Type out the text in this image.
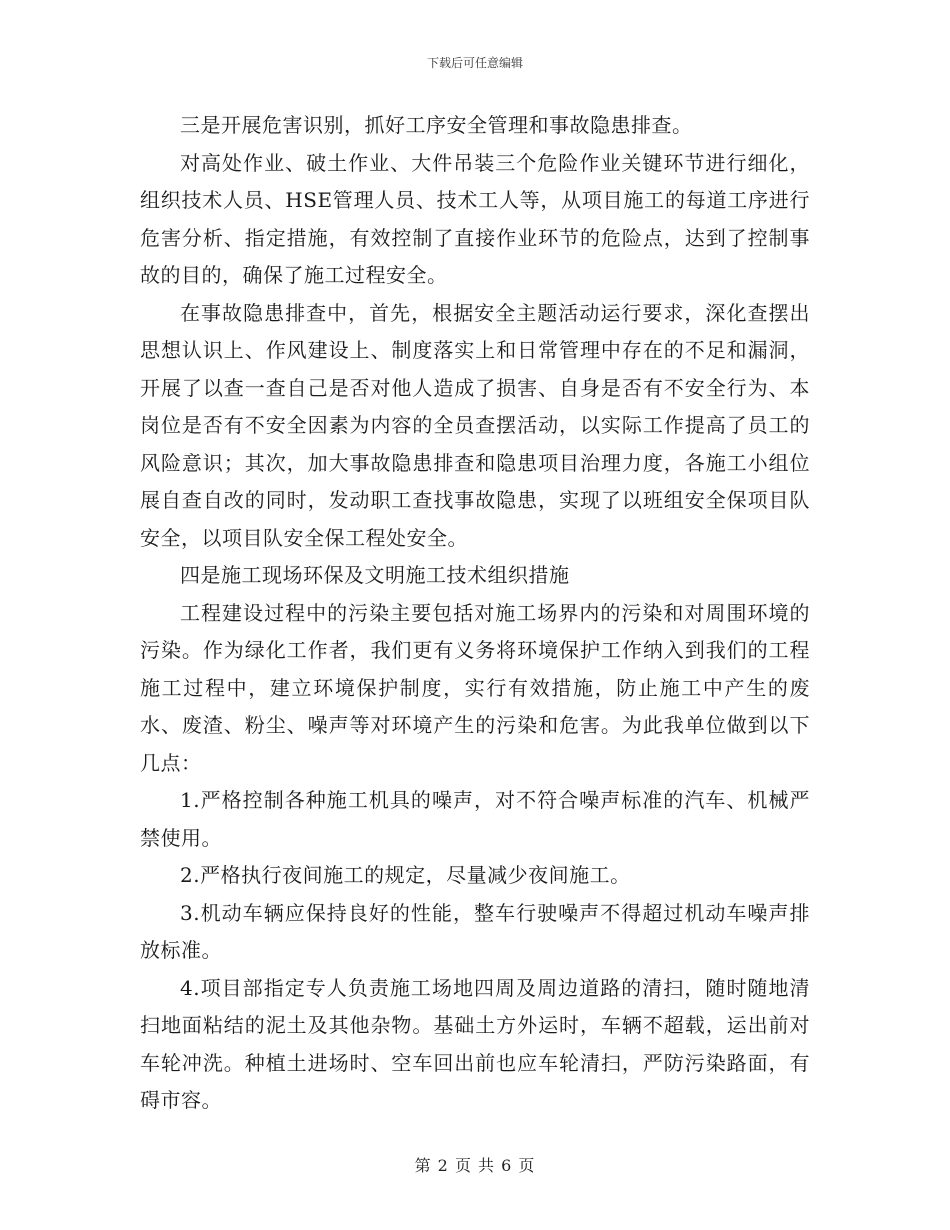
下载后可任意编辑

三是开展危害识别，抓好工序安全管理和事故隐患排查。

对高处作业、破土作业、大件吊装三个危险作业关键环节进行细化，组织技术人员、HSE管理人员、技术工人等，从项目施工的每道工序进行危害分析、指定措施，有效控制了直接作业环节的危险点，达到了控制事故的目的，确保了施工过程安全。

在事故隐患排查中，首先，根据安全主题活动运行要求，深化查摆出思想认识上、作风建设上、制度落实上和日常管理中存在的不足和漏洞，开展了以查一查自己是否对他人造成了损害、自身是否有不安全行为、本岗位是否有不安全因素为内容的全员查摆活动，以实际工作提高了员工的风险意识；其次，加大事故隐患排查和隐患项目治理力度，各施工小组位展自查自改的同时，发动职工查找事故隐患，实现了以班组安全保项目队安全，以项目队安全保工程处安全。

四是施工现场环保及文明施工技术组织措施

工程建设过程中的污染主要包括对施工场界内的污染和对周围环境的污染。作为绿化工作者，我们更有义务将环境保护工作纳入到我们的工程施工过程中，建立环境保护制度，实行有效措施，防止施工中产生的废水、废渣、粉尘、噪声等对环境产生的污染和危害。为此我单位做到以下几点：

1.严格控制各种施工机具的噪声，对不符合噪声标准的汽车、机械严禁使用。

2.严格执行夜间施工的规定，尽量减少夜间施工。

3.机动车辆应保持良好的性能，整车行驶噪声不得超过机动车噪声排放标准。

4.项目部指定专人负责施工场地四周及周边道路的清扫，随时随地清扫地面粘结的泥土及其他杂物。基础土方外运时，车辆不超载，运出前对车轮冲洗。种植土进场时、空车回出前也应车轮清扫，严防污染路面，有碍市容。

第 2 页 共 6 页
